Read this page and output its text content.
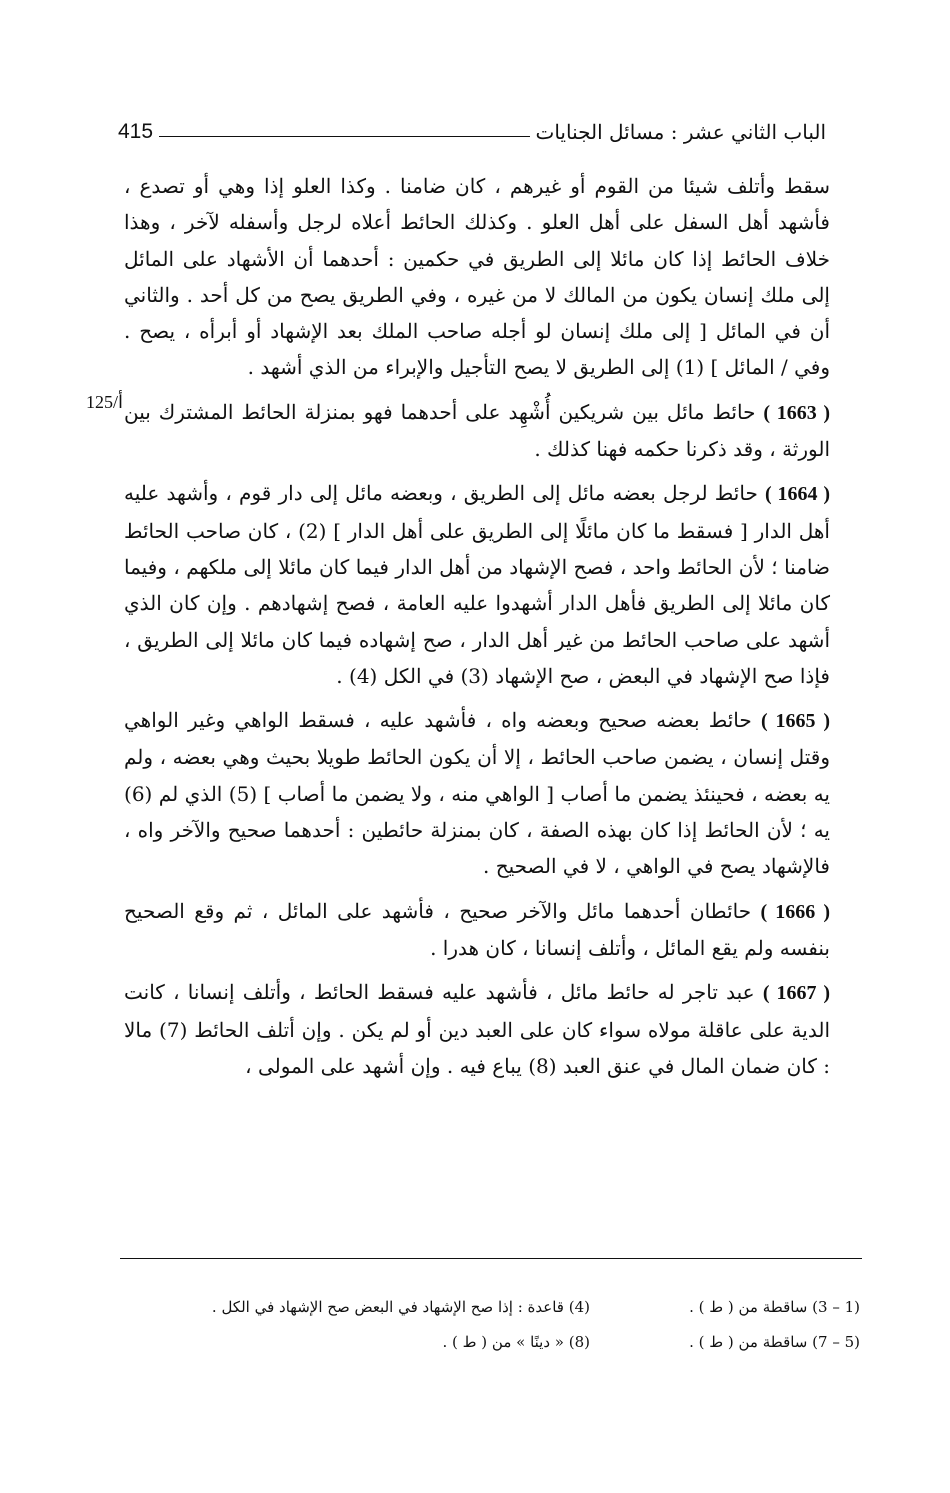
الباب الثاني عشر : مسائل الجنايات
415
125/أ

سقط وأتلف شيئا من القوم أو غيرهم ، كان ضامنا . وكذا العلو إذا وهي أو تصدع ، فأشهد أهل السفل على أهل العلو . وكذلك الحائط أعلاه لرجل وأسفله لآخر ، وهذا خلاف الحائط إذا كان مائلا إلى الطريق في حكمين : أحدهما أن الأشهاد على المائل إلى ملك إنسان يكون من المالك لا من غيره ، وفي الطريق يصح من كل أحد . والثاني أن في المائل [ إلى ملك إنسان لو أجله صاحب الملك بعد الإشهاد أو أبرأه ، يصح . وفي / المائل ] (1) إلى الطريق لا يصح التأجيل والإبراء من الذي أشهد .

( 1663 ) حائط مائل بين شريكين أُشْهِد على أحدهما فهو بمنزلة الحائط المشترك بين الورثة ، وقد ذكرنا حكمه فهنا كذلك .

( 1664 ) حائط لرجل بعضه مائل إلى الطريق ، وبعضه مائل إلى دار قوم ، وأشهد عليه أهل الدار [ فسقط ما كان مائلًا إلى الطريق على أهل الدار ] (2) ، كان صاحب الحائط ضامنا ؛ لأن الحائط واحد ، فصح الإشهاد من أهل الدار فيما كان مائلا إلى ملكهم ، وفيما كان مائلا إلى الطريق فأهل الدار أشهدوا عليه العامة ، فصح إشهادهم . وإن كان الذي أشهد على صاحب الحائط من غير أهل الدار ، صح إشهاده فيما كان مائلا إلى الطريق ، فإذا صح الإشهاد في البعض ، صح الإشهاد (3) في الكل (4) .

( 1665 ) حائط بعضه صحيح وبعضه واه ، فأشهد عليه ، فسقط الواهي وغير الواهي وقتل إنسان ، يضمن صاحب الحائط ، إلا أن يكون الحائط طويلا بحيث وهي بعضه ، ولم يه بعضه ، فحينئذ يضمن ما أصاب [ الواهي منه ، ولا يضمن ما أصاب ] (5) الذي لم (6) يه ؛ لأن الحائط إذا كان بهذه الصفة ، كان بمنزلة حائطين : أحدهما صحيح والآخر واه ، فالإشهاد يصح في الواهي ، لا في الصحيح .

( 1666 ) حائطان أحدهما مائل والآخر صحيح ، فأشهد على المائل ، ثم وقع الصحيح بنفسه ولم يقع المائل ، وأتلف إنسانا ، كان هدرا .

( 1667 ) عبد تاجر له حائط مائل ، فأشهد عليه فسقط الحائط ، وأتلف إنسانا ، كانت الدية على عاقلة مولاه سواء كان على العبد دين أو لم يكن . وإن أتلف الحائط (7) مالا : كان ضمان المال في عنق العبد (8) يباع فيه . وإن أشهد على المولى ،

(1 – 3) ساقطة من ( ط ) .
(4) قاعدة : إذا صح الإشهاد في البعض صح الإشهاد في الكل .
(5 – 7) ساقطة من ( ط ) .
(8) « دينًا » من ( ط ) .
